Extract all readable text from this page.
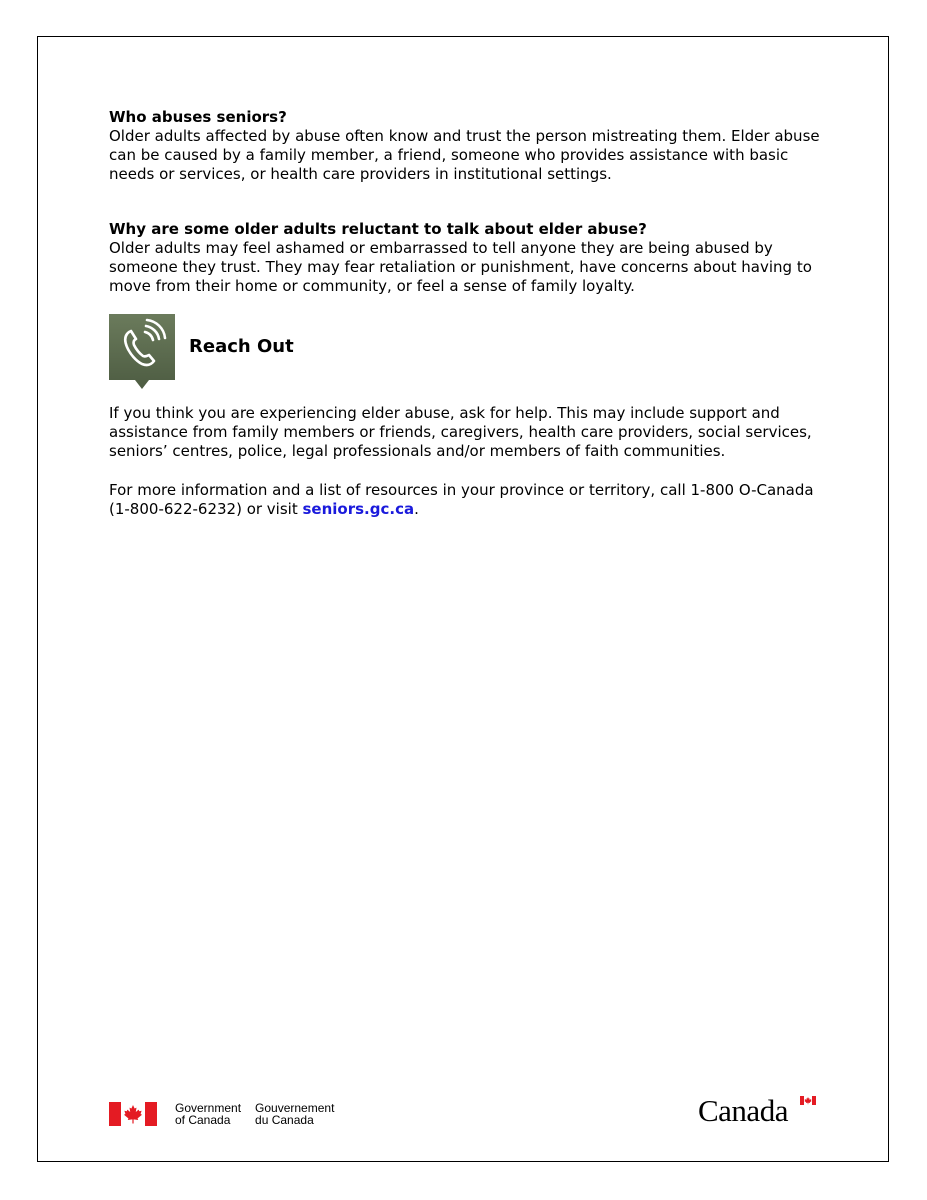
Who abuses seniors?
Older adults affected by abuse often know and trust the person mistreating them. Elder abuse can be caused by a family member, a friend, someone who provides assistance with basic needs or services, or health care providers in institutional settings.
Why are some older adults reluctant to talk about elder abuse?
Older adults may feel ashamed or embarrassed to tell anyone they are being abused by someone they trust. They may fear retaliation or punishment, have concerns about having to move from their home or community, or feel a sense of family loyalty.
Reach Out

If you think you are experiencing elder abuse, ask for help. This may include support and assistance from family members or friends, caregivers, health care providers, social services, seniors’ centres, police, legal professionals and/or members of faith communities.

For more information and a list of resources in your province or territory, call 1-800 O-Canada (1-800-622-6232) or visit seniors.gc.ca.

Government
of Canada
Gouvernement
du Canada	Canada
